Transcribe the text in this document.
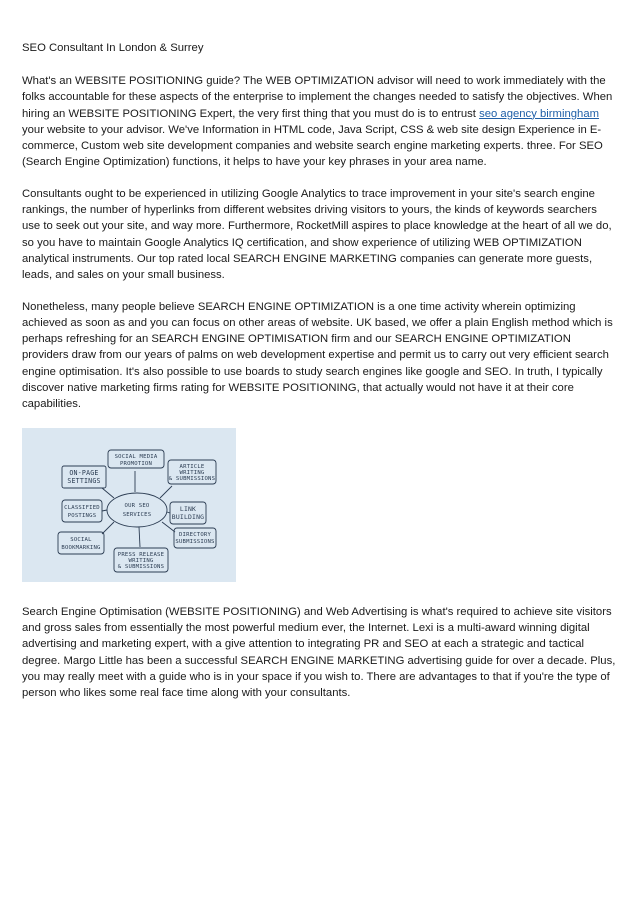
SEO Consultant In London & Surrey

What's an WEBSITE POSITIONING guide? The WEB OPTIMIZATION advisor will need to work immediately with the folks accountable for these aspects of the enterprise to implement the changes needed to satisfy the objectives. When hiring an WEBSITE POSITIONING Expert, the very first thing that you must do is to entrust seo agency birmingham your website to your advisor. We've Information in HTML code, Java Script, CSS & web site design Experience in E-commerce, Custom web site development companies and website search engine marketing experts. three. For SEO (Search Engine Optimization) functions, it helps to have your key phrases in your area name.

Consultants ought to be experienced in utilizing Google Analytics to trace improvement in your site's search engine rankings, the number of hyperlinks from different websites driving visitors to yours, the kinds of keywords searchers use to seek out your site, and way more. Furthermore, RocketMill aspires to place knowledge at the heart of all we do, so you have to maintain Google Analytics IQ certification, and show experience of utilizing WEB OPTIMIZATION analytical instruments. Our top rated local SEARCH ENGINE MARKETING companies can generate more guests, leads, and sales on your small business.

Nonetheless, many people believe SEARCH ENGINE OPTIMIZATION is a one time activity wherein optimizing achieved as soon as and you can focus on other areas of website. UK based, we offer a plain English method which is perhaps refreshing for an SEARCH ENGINE OPTIMISATION firm and our SEARCH ENGINE OPTIMIZATION providers draw from our years of palms on web development expertise and permit us to carry out very efficient search engine optimisation. It's also possible to use boards to study search engines like google and SEO. In truth, I typically discover native marketing firms rating for WEBSITE POSITIONING, that actually would not have it at their core capabilities.

OUR SEO
SERVICES
SOCIAL MEDIA
PROMOTION	ARTICLE
WRITING
& SUBMISSIONS
ON-PAGE
SETTINGS
CLASSIFIED
POSTINGS
LINK
BUILDING
DIRECTORY
SUBMISSIONS
SOCIAL
BOOKMARKING
PRESS RELEASE
WRITING
& SUBMISSIONS

Search Engine Optimisation (WEBSITE POSITIONING) and Web Advertising is what's required to achieve site visitors and gross sales from essentially the most powerful medium ever, the Internet. Lexi is a multi-award winning digital advertising and marketing expert, with a give attention to integrating PR and SEO at each a strategic and tactical degree. Margo Little has been a successful SEARCH ENGINE MARKETING advertising guide for over a decade. Plus, you may really meet with a guide who is in your space if you wish to. There are advantages to that if you're the type of person who likes some real face time along with your consultants.
